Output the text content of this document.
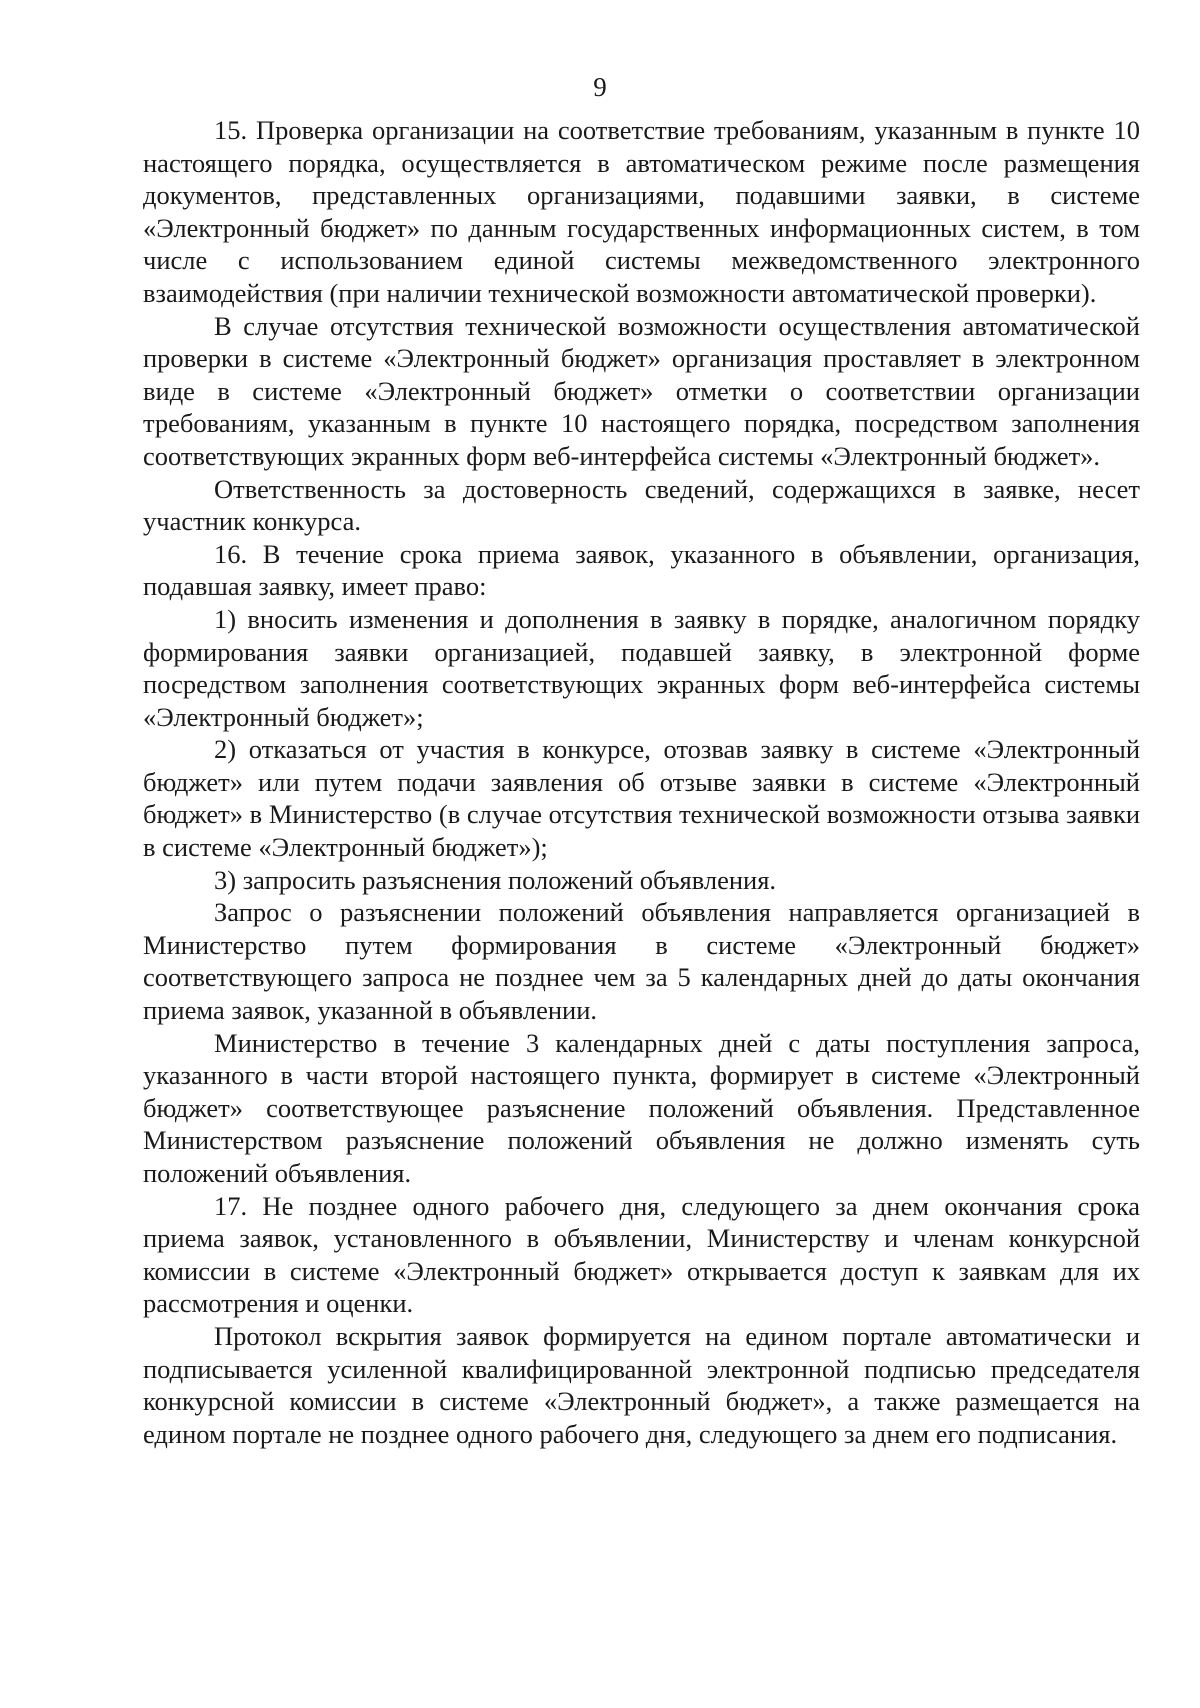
9

15. Проверка организации на соответствие требованиям, указанным в пункте 10 настоящего порядка, осуществляется в автоматическом режиме после размещения документов, представленных организациями, подавшими заявки, в системе «Электронный бюджет» по данным государственных информационных систем, в том числе с использованием единой системы межведомственного электронного взаимодействия (при наличии технической возможности автоматической проверки).

В случае отсутствия технической возможности осуществления автоматической проверки в системе «Электронный бюджет» организация проставляет в электронном виде в системе «Электронный бюджет» отметки о соответствии организации требованиям, указанным в пункте 10 настоящего порядка, посредством заполнения соответствующих экранных форм веб-интерфейса системы «Электронный бюджет».

Ответственность за достоверность сведений, содержащихся в заявке, несет участник конкурса.

16. В течение срока приема заявок, указанного в объявлении, организация, подавшая заявку, имеет право:

1) вносить изменения и дополнения в заявку в порядке, аналогичном порядку формирования заявки организацией, подавшей заявку, в электронной форме посредством заполнения соответствующих экранных форм веб-интерфейса системы «Электронный бюджет»;

2) отказаться от участия в конкурсе, отозвав заявку в системе «Электронный бюджет» или путем подачи заявления об отзыве заявки в системе «Электронный бюджет» в Министерство (в случае отсутствия технической возможности отзыва заявки в системе «Электронный бюджет»);

3) запросить разъяснения положений объявления.

Запрос о разъяснении положений объявления направляется организацией в Министерство путем формирования в системе «Электронный бюджет» соответствующего запроса не позднее чем за 5 календарных дней до даты окончания приема заявок, указанной в объявлении.

Министерство в течение 3 календарных дней с даты поступления запроса, указанного в части второй настоящего пункта, формирует в системе «Электронный бюджет» соответствующее разъяснение положений объявления. Представленное Министерством разъяснение положений объявления не должно изменять суть положений объявления.

17. Не позднее одного рабочего дня, следующего за днем окончания срока приема заявок, установленного в объявлении, Министерству и членам конкурсной комиссии в системе «Электронный бюджет» открывается доступ к заявкам для их рассмотрения и оценки.

Протокол вскрытия заявок формируется на едином портале автоматически и подписывается усиленной квалифицированной электронной подписью председателя конкурсной комиссии в системе «Электронный бюджет», а также размещается на едином портале не позднее одного рабочего дня, следующего за днем его подписания.
